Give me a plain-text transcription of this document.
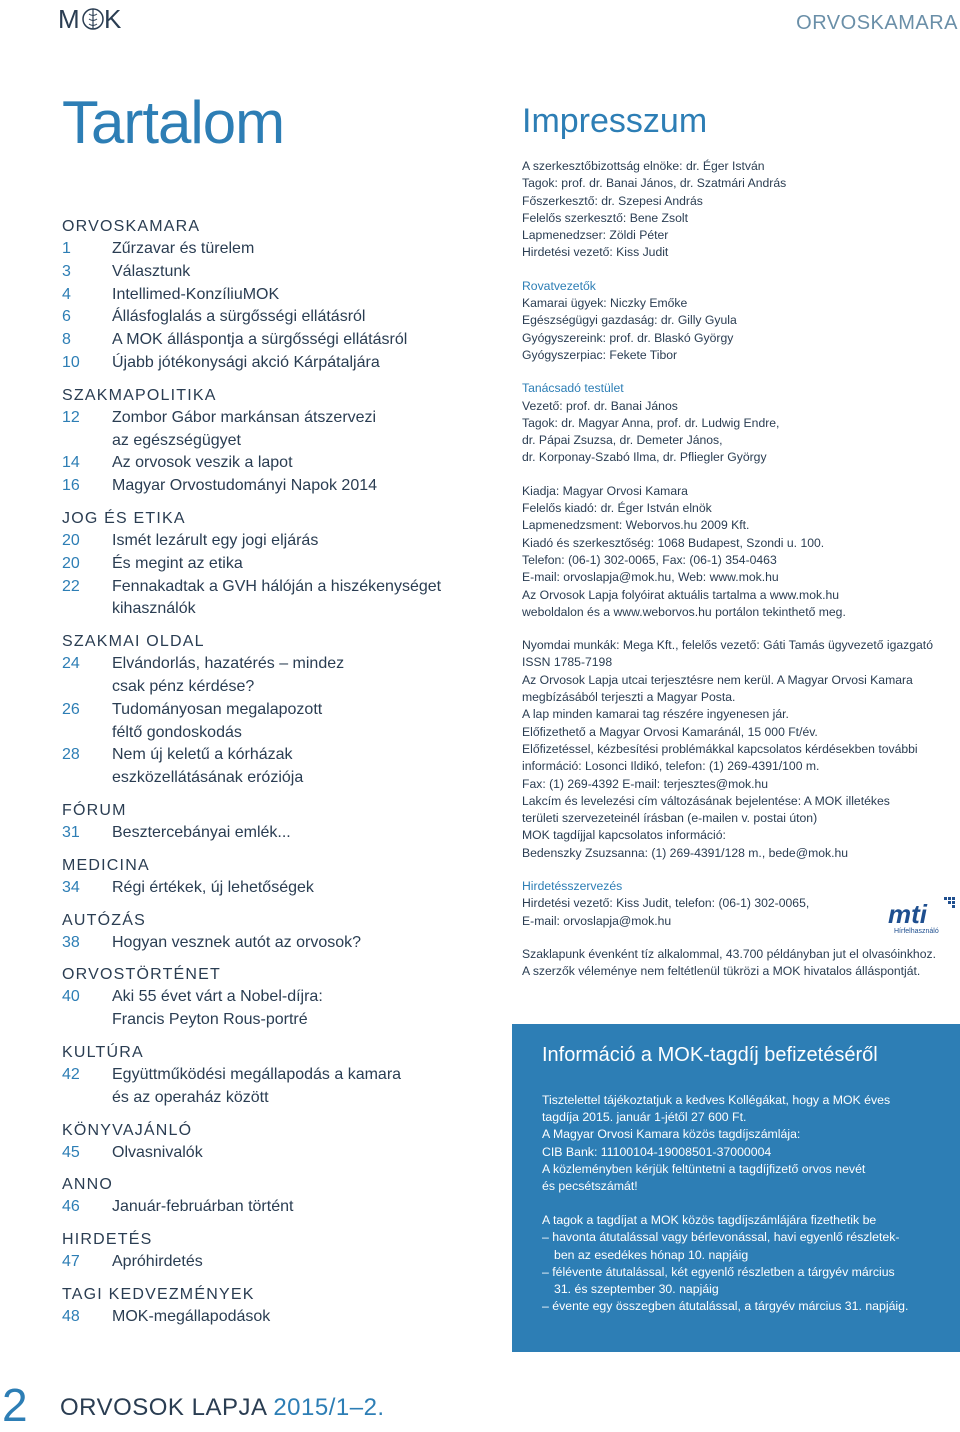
M K	ORVOSKAMARA
Tartalom
ORVOSKAMARA
1	Zűrzavar és türelem
3	Választunk
4	Intellimed-KonzíliuMOK
6	Állásfoglalás a sürgősségi ellátásról
8	A MOK álláspontja a sürgősségi ellátásról
10	Újabb jótékonysági akció Kárpátaljára
SZAKMAPOLITIKA
12	Zombor Gábor markánsan átszervezi
az egészségügyet
14	Az orvosok veszik a lapot
16	Magyar Orvostudományi Napok 2014
JOG ÉS ETIKA
20	Ismét lezárult egy jogi eljárás
20	És megint az etika
22	Fennakadtak a GVH hálóján a hiszékenységet
kihasználók
SZAKMAI OLDAL
24	Elvándorlás, hazatérés – mindez
csak pénz kérdése?
26	Tudományosan megalapozott
féltő gondoskodás
28	Nem új keletű a kórházak
eszközellátásának eróziója
FÓRUM
31	Besztercebányai emlék...
MEDICINA
34	Régi értékek, új lehetőségek
AUTÓZÁS
38	Hogyan vesznek autót az orvosok?
ORVOSTÖRTÉNET
40	Aki 55 évet várt a Nobel-díjra:
Francis Peyton Rous-portré
KULTÚRA
42	Együttműködési megállapodás a kamara
és az operaház között
KÖNYVAJÁNLÓ
45	Olvasnivalók
ANNO
46	Január-februárban történt
HIRDETÉS
47	Apróhirdetés
TAGI KEDVEZMÉNYEK
48	MOK-megállapodások
2 ORVOSOK LAPJA 2015/1–2.
Impresszum
A szerkesztőbizottság elnöke: dr. Éger István
Tagok: prof. dr. Banai János, dr. Szatmári András
Főszerkesztő: dr. Szepesi András
Felelős szerkesztő: Bene Zsolt
Lapmenedzser: Zöldi Péter
Hirdetési vezető: Kiss Judit
Rovatvezetők
Kamarai ügyek: Niczky Emőke
Egészségügyi gazdaság: dr. Gilly Gyula
Gyógyszereink: prof. dr. Blaskó György
Gyógyszerpiac: Fekete Tibor
Tanácsadó testület
Vezető: prof. dr. Banai János
Tagok: dr. Magyar Anna, prof. dr. Ludwig Endre,
dr. Pápai Zsuzsa, dr. Demeter János,
dr. Korponay-Szabó Ilma, dr. Pfliegler György
Kiadja: Magyar Orvosi Kamara
Felelős kiadó: dr. Éger István elnök
Lapmenedzsment: Weborvos.hu 2009 Kft.
Kiadó és szerkesztőség: 1068 Budapest, Szondi u. 100.
Telefon: (06-1) 302-0065, Fax: (06-1) 354-0463
E-mail: orvoslapja@mok.hu, Web: www.mok.hu
Az Orvosok Lapja folyóirat aktuális tartalma a www.mok.hu
weboldalon és a www.weborvos.hu portálon tekinthető meg.
Nyomdai munkák: Mega Kft., felelős vezető: Gáti Tamás ügyvezető igazgató
ISSN 1785-7198
Az Orvosok Lapja utcai terjesztésre nem kerül. A Magyar Orvosi Kamara
megbízásából terjeszti a Magyar Posta.
A lap minden kamarai tag részére ingyenesen jár.
Előfizethető a Magyar Orvosi Kamaránál, 15 000 Ft/év.
Előfizetéssel, kézbesítési problémákkal kapcsolatos kérdésekben további
információ: Losonci Ildikó, telefon: (1) 269-4391/100 m.
Fax: (1) 269-4392 E-mail: terjesztes@mok.hu
Lakcím és levelezési cím változásának bejelentése: A MOK illetékes
területi szervezeteinél írásban (e-mailen v. postai úton)
MOK tagdíjjal kapcsolatos információ:
Bedenszky Zsuzsanna: (1) 269-4391/128 m., bede@mok.hu
Hirdetésszervezés
Hirdetési vezető: Kiss Judit, telefon: (06-1) 302-0065,
E-mail: orvoslapja@mok.hu
Szaklapunk évenként tíz alkalommal, 43.700 példányban jut el olvasóinkhoz.
A szerzők véleménye nem feltétlenül tükrözi a MOK hivatalos álláspontját.
mti
Hírfelhasználó
Információ a MOK-tagdíj befizetéséről
Tisztelettel tájékoztatjuk a kedves Kollégákat, hogy a MOK éves
tagdíja 2015. január 1-jétől 27 600 Ft.
A Magyar Orvosi Kamara közös tagdíjszámlája:
CIB Bank: 11100104-19008501-37000004
A közleményben kérjük feltüntetni a tagdíjfizető orvos nevét
és pecsétszámát!
A tagok a tagdíjat a MOK közös tagdíjszámlájára fizethetik be
– havonta átutalással vagy bérlevonással, havi egyenlő részletek-
ben az esedékes hónap 10. napjáig
– félévente átutalással, két egyenlő részletben a tárgyév március
31. és szeptember 30. napjáig
– évente egy összegben átutalással, a tárgyév március 31. napjáig.
